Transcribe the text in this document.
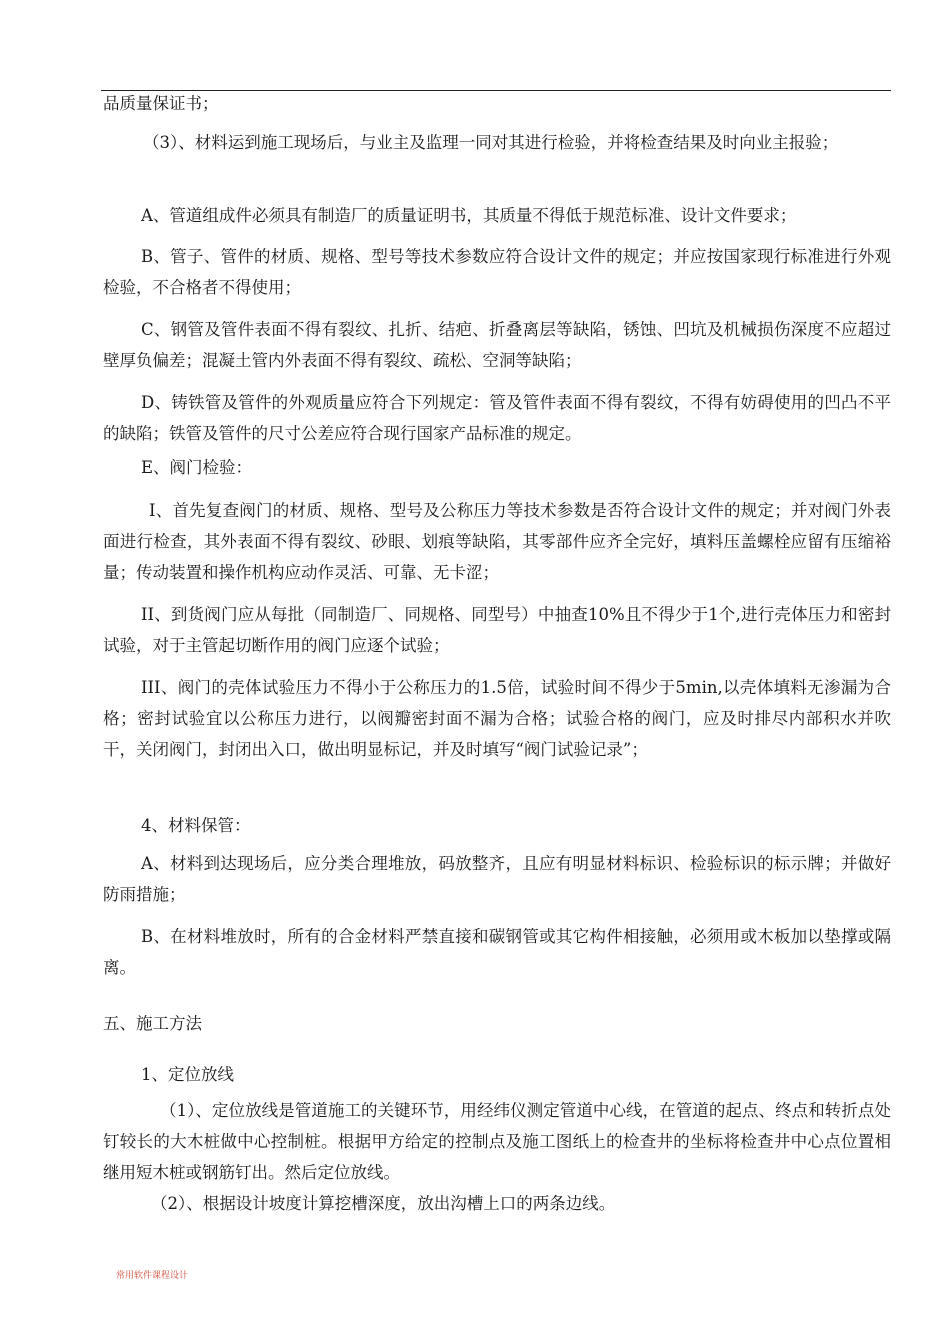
品质量保证书；

（3）、材料运到施工现场后，与业主及监理一同对其进行检验，并将检查结果及时向业主报验；

A、管道组成件必须具有制造厂的质量证明书，其质量不得低于规范标准、设计文件要求；

B、管子、管件的材质、规格、型号等技术参数应符合设计文件的规定；并应按国家现行标准进行外观检验，不合格者不得使用；

C、钢管及管件表面不得有裂纹、扎折、结疤、折叠离层等缺陷，锈蚀、凹坑及机械损伤深度不应超过壁厚负偏差；混凝土管内外表面不得有裂纹、疏松、空洞等缺陷；

D、铸铁管及管件的外观质量应符合下列规定：管及管件表面不得有裂纹，不得有妨碍使用的凹凸不平的缺陷；铁管及管件的尺寸公差应符合现行国家产品标准的规定。

E、阀门检验：

I、首先复查阀门的材质、规格、型号及公称压力等技术参数是否符合设计文件的规定；并对阀门外表面进行检查，其外表面不得有裂纹、砂眼、划痕等缺陷，其零部件应齐全完好，填料压盖螺栓应留有压缩裕量；传动装置和操作机构应动作灵活、可靠、无卡涩；

II、到货阀门应从每批（同制造厂、同规格、同型号）中抽查10%且不得少于1个,进行壳体压力和密封试验，对于主管起切断作用的阀门应逐个试验；

III、阀门的壳体试验压力不得小于公称压力的1.5倍，试验时间不得少于5min,以壳体填料无渗漏为合格；密封试验宜以公称压力进行，以阀瓣密封面不漏为合格；试验合格的阀门，应及时排尽内部积水并吹干，关闭阀门，封闭出入口，做出明显标记，并及时填写“阀门试验记录”；

4、材料保管：

A、材料到达现场后，应分类合理堆放，码放整齐，且应有明显材料标识、检验标识的标示牌；并做好防雨措施；

B、在材料堆放时，所有的合金材料严禁直接和碳钢管或其它构件相接触，必须用或木板加以垫撑或隔离。

五、施工方法

1、定位放线

（1）、定位放线是管道施工的关键环节，用经纬仪测定管道中心线，在管道的起点、终点和转折点处钉较长的大木桩做中心控制桩。根据甲方给定的控制点及施工图纸上的检查井的坐标将检查井中心点位置相继用短木桩或钢筋钉出。然后定位放线。

（2）、根据设计坡度计算挖槽深度，放出沟槽上口的两条边线。

常用软件课程设计
